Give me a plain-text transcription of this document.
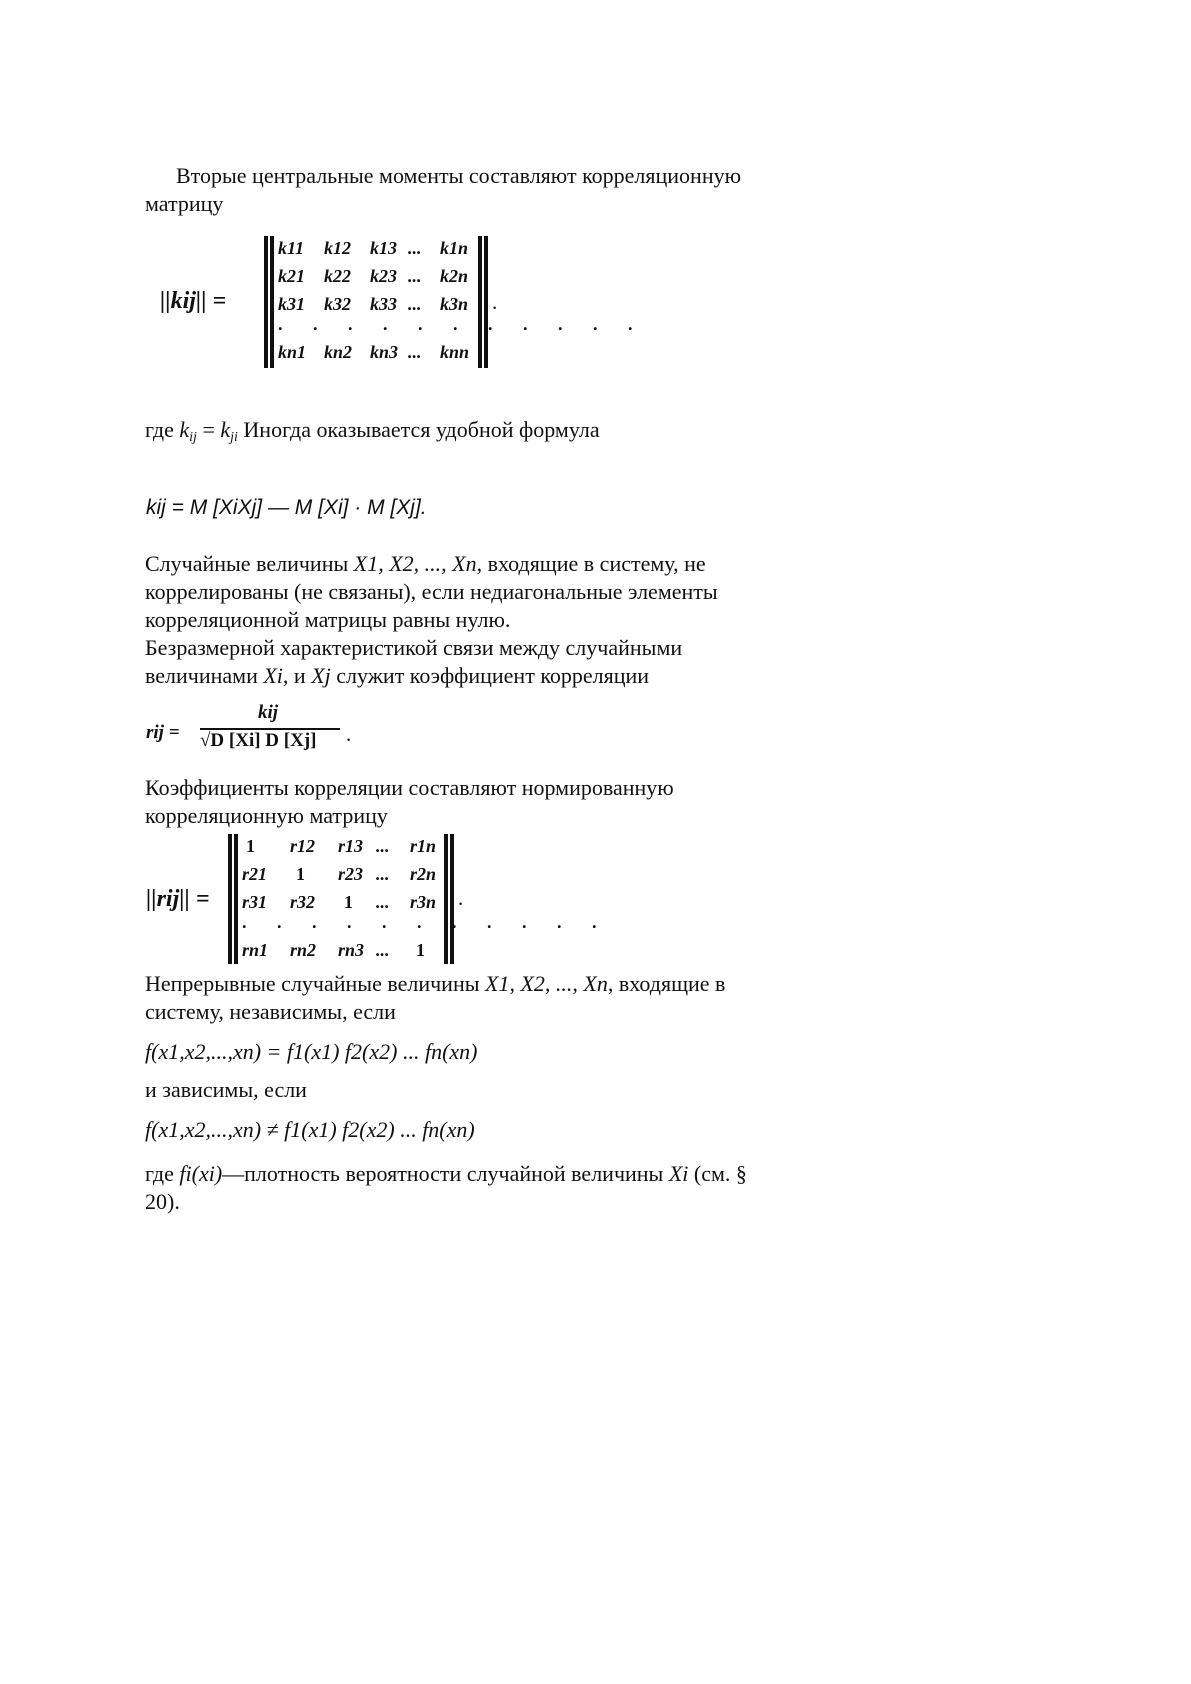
Вторые центральные моменты составляют корреляционную
матрицу
||kij|| =
k11 k12 k13 ... k1n
k21 k22 k23 ... k2n
k31 k32 k33 ... k3n
. . . . . . . . . . .
kn1 kn2 kn3 ... knn
.
где $k_{ij} = k_{ji}$ Иногда оказывается удобной формула
kij = M [XiXj] — M [Xi] · M [Xj].
Случайные величины X1, X2, ..., Xn, входящие в систему, не
коррелированы (не связаны), если недиагональные элементы
корреляционной матрицы равны нулю.
Безразмерной характеристикой связи между случайными
величинами Xi, и Xj служит коэффициент корреляции
rij =
kij
√D [Xi] D [Xj] .
Коэффициенты корреляции составляют нормированную
корреляционную матрицу
||rij|| =
1 r12 r13 ... r1n
r21 1 r23 ... r2n
r31 r32 1 ... r3n
. . . . . . . . . . .
rn1 rn2 rn3 ... 1
.
Непрерывные случайные величины X1, X2, ..., Xn, входящие в
систему, независимы, если
f(x1,x2,...,xn) = f1(x1) f2(x2) ... fn(xn)
и зависимы, если
f(x1,x2,...,xn) ≠ f1(x1) f2(x2) ... fn(xn)
где fi(xi)—плотность вероятности случайной величины Xi (см. §
20).
